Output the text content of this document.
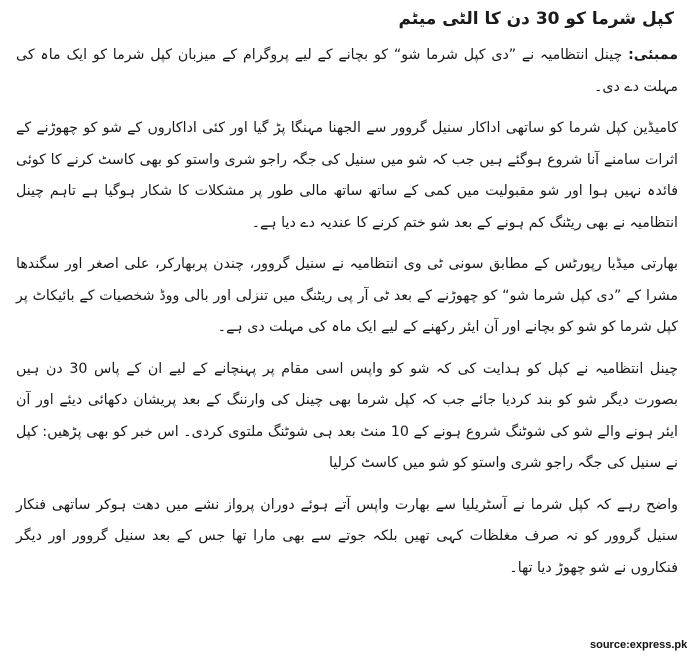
کپل شرما کو 30 دن کا الٹی میٹم

ممبئی: چینل انتظامیہ نے ”دی کپل شرما شو“ کو بچانے کے لیے پروگرام کے میزبان کپل شرما کو ایک ماہ کی مہلت دے دی۔

کامیڈین کپل شرما کو ساتھی اداکار سنیل گروور سے الجھنا مہنگا پڑ گیا اور کئی اداکاروں کے شو کو چھوڑنے کے اثرات سامنے آنا شروع ہوگئے ہیں جب کہ شو میں سنیل کی جگہ راجو شری واستو کو بھی کاسٹ کرنے کا کوئی فائدہ نہیں ہوا اور شو مقبولیت میں کمی کے ساتھ ساتھ مالی طور پر مشکلات کا شکار ہوگیا ہے تاہم چینل انتظامیہ نے بھی ریٹنگ کم ہونے کے بعد شو ختم کرنے کا عندیہ دے دیا ہے۔

بھارتی میڈیا رپورٹس کے مطابق سونی ٹی وی انتظامیہ نے سنیل گروور، چندن پربھارکر، علی اصغر اور سگندھا مشرا کے ”دی کپل شرما شو“ کو چھوڑنے کے بعد ٹی آر پی ریٹنگ میں تنزلی اور بالی ووڈ شخصیات کے بائیکاٹ پر کپل شرما کو شو کو بچانے اور آن ایئر رکھنے کے لیے ایک ماہ کی مہلت دی ہے۔

چینل انتظامیہ نے کپل کو ہدایت کی کہ شو کو واپس اسی مقام پر پہنچانے کے لیے ان کے پاس 30 دن ہیں بصورت دیگر شو کو بند کردیا جائے جب کہ کپل شرما بھی چینل کی وارننگ کے بعد پریشان دکھائی دیئے اور آن ایئر ہونے والے شو کی شوٹنگ شروع ہونے کے 10 منٹ بعد ہی شوٹنگ ملتوی کردی۔ اس خبر کو بھی پڑھیں: کپل نے سنیل کی جگہ راجو شری واستو کو شو میں کاسٹ کرلیا

واضح رہے کہ کپل شرما نے آسٹریلیا سے بھارت واپس آتے ہوئے دوران پرواز نشے میں دھت ہوکر ساتھی فنکار سنیل گروور کو نہ صرف مغلظات کہی تھیں بلکہ جوتے سے بھی مارا تھا جس کے بعد سنیل گروور اور دیگر فنکاروں نے شو چھوڑ دیا تھا۔

source:express.pk
